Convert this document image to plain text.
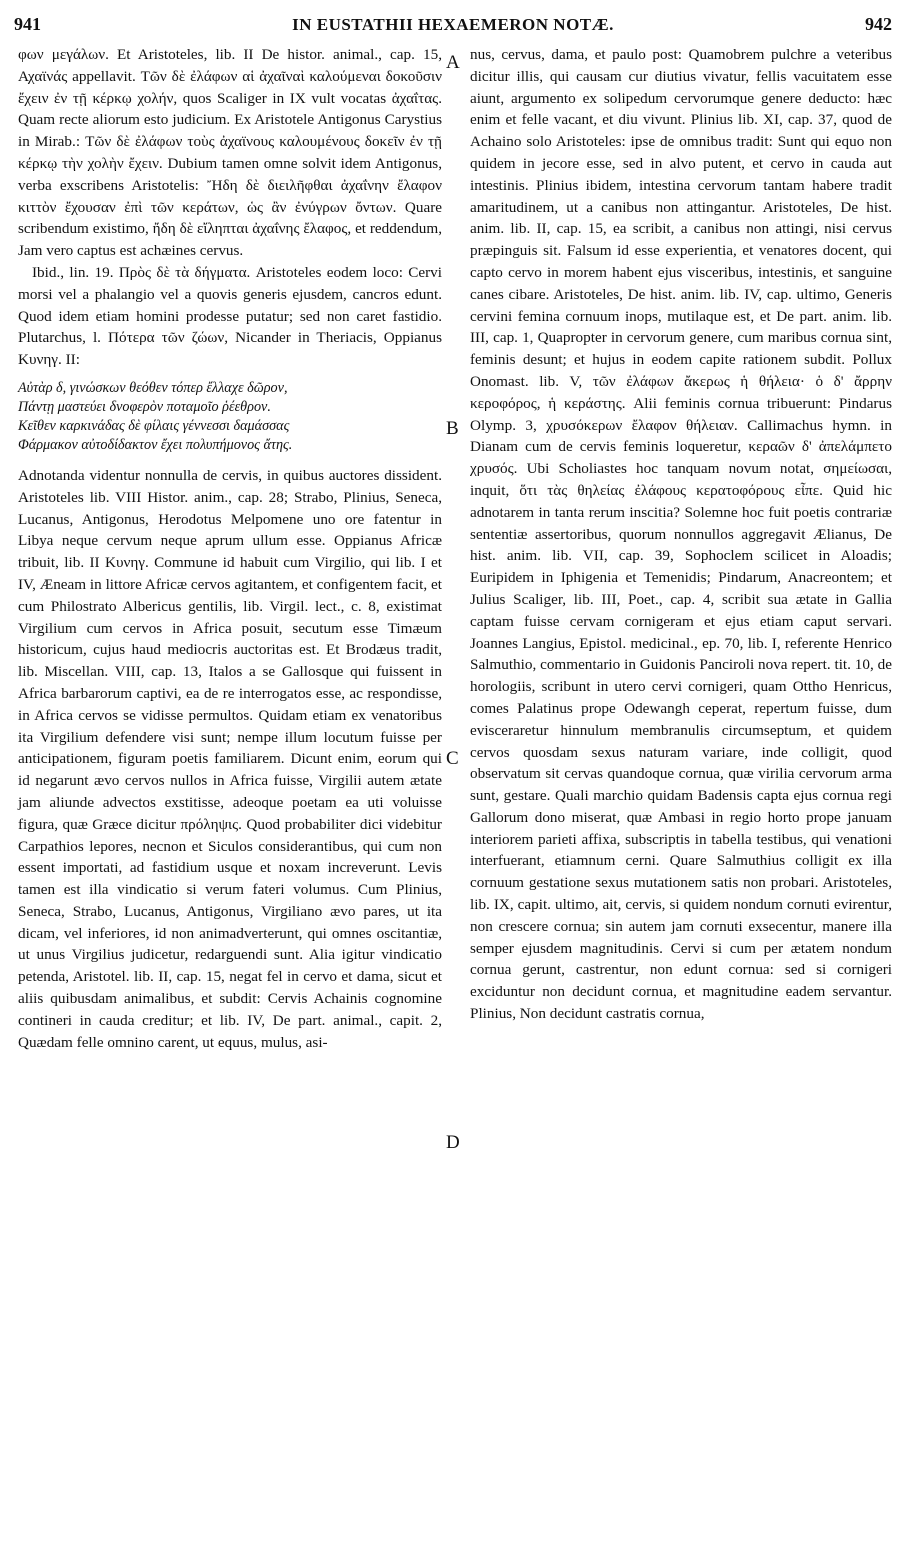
941	IN EUSTATHII HEXAEMERON NOTÆ.	942

φων μεγάλων. Et Aristoteles, lib. II De histor. animal., cap. 15, Αχαϊνάς appellavit. Τῶν δὲ ἐλάφων αἱ ἀχαῖναὶ καλούμεναι δοκοῦσιν ἔχειν ἐν τῇ κέρκῳ χολήν, quos Scaliger in IX vult vocatas ἀχαΐτας. Quam recte aliorum esto judicium. Ex Aristotele Antigonus Carystius in Mirab.: Τῶν δὲ ἐλάφων τοὺς ἀχαϊνους καλουμένους δοκεῖν ἐν τῇ κέρκῳ τὴν χολὴν ἔχειν. Dubium tamen omne solvit idem Antigonus, verba exscribens Aristotelis: Ἤδη δὲ διειλῆφθαι ἀχαΐνην ἔλαφον κιττὸν ἔχουσαν ἐπὶ τῶν κεράτων, ὡς ἂν ἐνύγρων ὄντων. Quare scribendum existimo, ἤδη δὲ εἴληπται ἀχαΐνης ἔλαφος, et reddendum, Jam vero captus est achæines cervus.

Ibid., lin. 19. Πρὸς δὲ τὰ δήγματα. Aristoteles eodem loco: Cervi morsi vel a phalangio vel a quovis generis ejusdem, cancros edunt. Quod idem etiam homini prodesse putatur; sed non caret fastidio. Plutarchus, l. Πότερα τῶν ζώων, Nicander in Theriacis, Oppianus Κυνηγ. II:

Αὐτὰρ δ, γινώσκων θεόθεν τόπερ ἔλλαχε δῶρον,
Πάντῃ μαστεύει δνοφερὸν ποταμοῖο ῥέεθρον.
Κεῖθεν καρκινάδας δὲ φίλαις γέννεσσι δαμάσσας
Φάρμακον αὐτοδίδακτον ἔχει πολυπήμονος ἄτης.

Adnotanda videntur nonnulla de cervis, in quibus auctores dissident. Aristoteles lib. VIII Histor. anim., cap. 28; Strabo, Plinius, Seneca, Lucanus, Antigonus, Herodotus Melpomene uno ore fatentur in Libya neque cervum neque aprum ullum esse. Oppianus Africæ tribuit, lib. II Κυνηγ. Commune id habuit cum Virgilio, qui lib. I et IV, Æneam in littore Africæ cervos agitantem, et configentem facit, et cum Philostrato Albericus gentilis, lib. Virgil. lect., c. 8, existimat Virgilium cum cervos in Africa posuit, secutum esse Timæum historicum, cujus haud mediocris auctoritas est. Et Brodæus tradit, lib. Miscellan. VIII, cap. 13, Italos a se Gallosque qui fuissent in Africa barbarorum captivi, ea de re interrogatos esse, ac respondisse, in Africa cervos se vidisse permultos. Quidam etiam ex venatoribus ita Virgilium defendere visi sunt; nempe illum locutum fuisse per anticipationem, figuram poetis familiarem. Dicunt enim, eorum qui id negarunt ævo cervos nullos in Africa fuisse, Virgilii autem ætate jam aliunde advectos exstitisse, adeoque poetam ea uti voluisse figura, quæ Græce dicitur πρόληψις. Quod probabiliter dici videbitur Carpathios lepores, necnon et Siculos considerantibus, qui cum non essent importati, ad fastidium usque et noxam increverunt. Levis tamen est illa vindicatio si verum fateri volumus. Cum Plinius, Seneca, Strabo, Lucanus, Antigonus, Virgiliano ævo pares, ut ita dicam, vel inferiores, id non animadverterunt, qui omnes oscitantiæ, ut unus Virgilius judicetur, redarguendi sunt. Alia igitur vindicatio petenda, Aristotel. lib. II, cap. 15, negat fel in cervo et dama, sicut et aliis quibusdam animalibus, et subdit: Cervis Achainis cognomine contineri in cauda creditur; et lib. IV, De part. animal., capit. 2, Quædam felle omnino carent, ut equus, mulus, asi-

A
B
C
D

nus, cervus, dama, et paulo post: Quamobrem pulchre a veteribus dicitur illis, qui causam cur diutius vivatur, fellis vacuitatem esse aiunt, argumento ex solipedum cervorumque genere deducto: hæc enim et felle vacant, et diu vivunt. Plinius lib. XI, cap. 37, quod de Achaino solo Aristoteles: ipse de omnibus tradit: Sunt qui equo non quidem in jecore esse, sed in alvo putent, et cervo in cauda aut intestinis. Plinius ibidem, intestina cervorum tantam habere tradit amaritudinem, ut a canibus non attingantur. Aristoteles, De hist. anim. lib. II, cap. 15, ea scribit, a canibus non attingi, nisi cervus præpinguis sit. Falsum id esse experientia, et venatores docent, qui capto cervo in morem habent ejus visceribus, intestinis, et sanguine canes cibare. Aristoteles, De hist. anim. lib. IV, cap. ultimo, Generis cervini femina cornuum inops, mutilaque est, et De part. anim. lib. III, cap. 1, Quapropter in cervorum genere, cum maribus cornua sint, feminis desunt; et hujus in eodem capite rationem subdit. Pollux Onomast. lib. V, τῶν ἐλάφων ἄκερως ἡ θήλεια· ὁ δ' ἄρρην κεροφόρος, ἡ κεράστης. Alii feminis cornua tribuerunt: Pindarus Olymp. 3, χρυσόκερων ἔλαφον θήλειαν. Callimachus hymn. in Dianam cum de cervis feminis loqueretur, κεραῶν δ' ἀπελάμπετο χρυσός. Ubi Scholiastes hoc tanquam novum notat, σημείωσαι, inquit, ὅτι τὰς θηλείας ἐλάφους κερατοφόρους εἶπε. Quid hic adnotarem in tanta rerum inscitia? Solemne hoc fuit poetis contrariæ sententiæ assertoribus, quorum nonnullos aggregavit Ælianus, De hist. anim. lib. VII, cap. 39, Sophoclem scilicet in Aloadis; Euripidem in Iphigenia et Temenidis; Pindarum, Anacreontem; et Julius Scaliger, lib. III, Poet., cap. 4, scribit sua ætate in Gallia captam fuisse cervam cornigeram et ejus etiam caput servari. Joannes Langius, Epistol. medicinal., ep. 70, lib. I, referente Henrico Salmuthio, commentario in Guidonis Panciroli nova repert. tit. 10, de horologiis, scribunt in utero cervi cornigeri, quam Ottho Henricus, comes Palatinus prope Odewangh ceperat, repertum fuisse, dum evisceraretur hinnulum membranulis circumseptum, et quidem cervos quosdam sexus naturam variare, inde colligit, quod observatum sit cervas quandoque cornua, quæ virilia cervorum arma sunt, gestare. Quali marchio quidam Badensis capta ejus cornua regi Gallorum dono miserat, quæ Ambasi in regio horto prope januam interiorem parieti affixa, subscriptis in tabella testibus, qui venationi interfuerant, etiamnum cerni. Quare Salmuthius colligit ex illa cornuum gestatione sexus mutationem satis non probari. Aristoteles, lib. IX, capit. ultimo, ait, cervis, si quidem nondum cornuti evirentur, non crescere cornua; sin autem jam cornuti exsecentur, manere illa semper ejusdem magnitudinis. Cervi si cum per ætatem nondum cornua gerunt, castrentur, non edunt cornua: sed si cornigeri exciduntur non decidunt cornua, et magnitudine eadem servantur. Plinius, Non decidunt castratis cornua,
